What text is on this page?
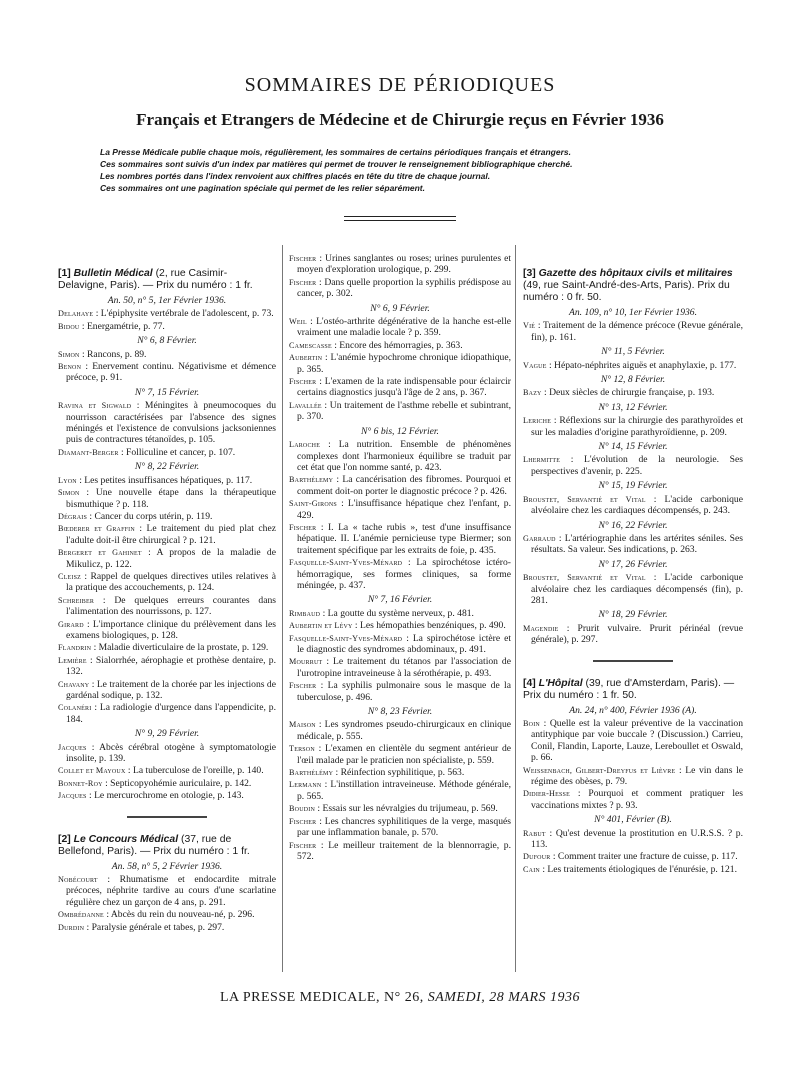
SOMMAIRES DE PÉRIODIQUES
Français et Etrangers de Médecine et de Chirurgie reçus en Février 1936
La Presse Médicale publie chaque mois, régulièrement, les sommaires de certains périodiques français et étrangers.
Ces sommaires sont suivis d'un index par matières qui permet de trouver le renseignement bibliographique cherché.
Les nombres portés dans l'index renvoient aux chiffres placés en tête du titre de chaque journal.
Ces sommaires ont une pagination spéciale qui permet de les relier séparément.
[1] Bulletin Médical (2, rue Casimir-Delavigne, Paris). — Prix du numéro : 1 fr.
An. 50, n° 5, 1er Février 1936.
Delahaye : L'épiphysite vertébrale de l'adolescent, p. 73.
Bidou : Energamétrie, p. 77.
N° 6, 8 Février.
Simon : Rancons, p. 89.
Benon : Enervement continu. Négativisme et démence précoce, p. 91.
N° 7, 15 Février.
Ravina et Sigwald : Méningites à pneumocoques du nourrisson caractérisées par l'absence des signes méningés et l'existence de convulsions jacksoniennes puis de contractures tétanoïdes, p. 105.
Diamant-Berger : Folliculine et cancer, p. 107.
N° 8, 22 Février.
Lyon : Les petites insuffisances hépatiques, p. 117.
Simon : Une nouvelle étape dans la thérapeutique bismuthique ? p. 118.
Dégrais : Cancer du corps utérin, p. 119.
Bœderer et Graffin : Le traitement du pied plat chez l'adulte doit-il être chirurgical ? p. 121.
Bergeret et Gahinet : A propos de la maladie de Mikulicz, p. 122.
Cleisz : Rappel de quelques directives utiles relatives à la pratique des accouchements, p. 124.
Schreiber : De quelques erreurs courantes dans l'alimentation des nourrissons, p. 127.
Girard : L'importance clinique du prélèvement dans les examens biologiques, p. 128.
Flandrin : Maladie diverticulaire de la prostate, p. 129.
Lemière : Sialorrhée, aérophagie et prothèse dentaire, p. 132.
Chavany : Le traitement de la chorée par les injections de gardénal sodique, p. 132.
Colanéri : La radiologie d'urgence dans l'appendicite, p. 184.
N° 9, 29 Février.
Jacques : Abcès cérébral otogène à symptomatologie insolite, p. 139.
Collet et Mayoux : La tuberculose de l'oreille, p. 140.
Bonnet-Roy : Septicopyohémie auriculaire, p. 142.
Jacques : Le mercurochrome en otologie, p. 143.
[2] Le Concours Médical (37, rue de Bellefond, Paris). — Prix du numéro : 1 fr.
An. 58, n° 5, 2 Février 1936.
Nobécourt : Rhumatisme et endocardite mitrale précoces, néphrite tardive au cours d'une scarlatine régulière chez un garçon de 4 ans, p. 291.
Ombrédanne : Abcès du rein du nouveau-né, p. 296.
Durdin : Paralysie générale et tabes, p. 297.
Fischer : Urines sanglantes ou roses; urines purulentes et moyen d'exploration urologique, p. 299.
Fischer : Dans quelle proportion la syphilis prédispose au cancer, p. 302.
N° 6, 9 Février.
Weil : L'ostéo-arthrite dégénérative de la hanche est-elle vraiment une maladie locale ? p. 359.
Camescasse : Encore des hémorragies, p. 363.
Aubertin : L'anémie hypochrome chronique idiopathique, p. 365.
Fischer : L'examen de la rate indispensable pour éclaircir certains diagnostics jusqu'à l'âge de 2 ans, p. 367.
Lavallée : Un traitement de l'asthme rebelle et subintrant, p. 370.
N° 6 bis, 12 Février.
Laroche : La nutrition. Ensemble de phénomènes complexes dont l'harmonieux équilibre se traduit par cet état que l'on nomme santé, p. 423.
Barthélemy : La cancérisation des fibromes. Pourquoi et comment doit-on porter le diagnostic précoce ? p. 426.
Saint-Girons : L'insuffisance hépatique chez l'enfant, p. 429.
Fischer : I. La « tache rubis », test d'une insuffisance hépatique. II. L'anémie pernicieuse type Biermer; son traitement spécifique par les extraits de foie, p. 435.
Fasquelle-Saint-Yves-Ménard : La spirochétose ictéro-hémorragique, ses formes cliniques, sa forme méningée, p. 437.
N° 7, 16 Février.
Rimbaud : La goutte du système nerveux, p. 481.
Aubertin et Lévy : Les hémopathies benzéniques, p. 490.
Fasquelle-Saint-Yves-Ménard : La spirochétose ictère et le diagnostic des syndromes abdominaux, p. 491.
Mourrut : Le traitement du tétanos par l'association de l'urotropine intraveineuse à la sérothérapie, p. 493.
Fischer : La syphilis pulmonaire sous le masque de la tuberculose, p. 496.
N° 8, 23 Février.
Maison : Les syndromes pseudo-chirurgicaux en clinique médicale, p. 555.
Terson : L'examen en clientèle du segment antérieur de l'œil malade par le praticien non spécialiste, p. 559.
Barthélémy : Réinfection syphilitique, p. 563.
Lermann : L'instillation intraveineuse. Méthode générale, p. 565.
Boudin : Essais sur les névralgies du trijumeau, p. 569.
Fischer : Les chancres syphilitiques de la verge, masqués par une inflammation banale, p. 570.
Fischer : Le meilleur traitement de la blennorragie, p. 572.
[3] Gazette des hôpitaux civils et militaires (49, rue Saint-André-des-Arts, Paris). Prix du numéro : 0 fr. 50.
An. 109, n° 10, 1er Février 1936.
Vié : Traitement de la démence précoce (Revue générale, fin), p. 161.
N° 11, 5 Février.
Vague : Hépato-néphrites aiguës et anaphylaxie, p. 177.
N° 12, 8 Février.
Bazy : Deux siècles de chirurgie française, p. 193.
N° 13, 12 Février.
Leriche : Réflexions sur la chirurgie des parathyroïdes et sur les maladies d'origine parathyroïdienne, p. 209.
N° 14, 15 Février.
Lhermitte : L'évolution de la neurologie. Ses perspectives d'avenir, p. 225.
N° 15, 19 Février.
Broustet, Servantié et Vital : L'acide carbonique alvéolaire chez les cardiaques décompensés, p. 243.
N° 16, 22 Février.
Garraud : L'artériographie dans les artérites séniles. Ses résultats. Sa valeur. Ses indications, p. 263.
N° 17, 26 Février.
Broustet, Servantié et Vital : L'acide carbonique alvéolaire chez les cardiaques décompensés (fin), p. 281.
N° 18, 29 Février.
Magendie : Prurit vulvaire. Prurit périnéal (revue générale), p. 297.
[4] L'Hôpital (39, rue d'Amsterdam, Paris). — Prix du numéro : 1 fr. 50.
An. 24, n° 400, Février 1936 (A).
Boin : Quelle est la valeur préventive de la vaccination antityphique par voie buccale ? (Discussion.) Carrieu, Conil, Flandin, Laporte, Lauze, Lereboullet et Oswald, p. 66.
Weissenbach, Gilbert-Dreyfus et Lièvre : Le vin dans le régime des obèses, p. 79.
Didier-Hesse : Pourquoi et comment pratiquer les vaccinations mixtes ? p. 93.
N° 401, Février (B).
Rabut : Qu'est devenue la prostitution en U.R.S.S. ? p. 113.
Dufour : Comment traiter une fracture de cuisse, p. 117.
Cain : Les traitements étiologiques de l'énurésie, p. 121.
LA PRESSE MEDICALE, N° 26, SAMEDI, 28 MARS 1936
